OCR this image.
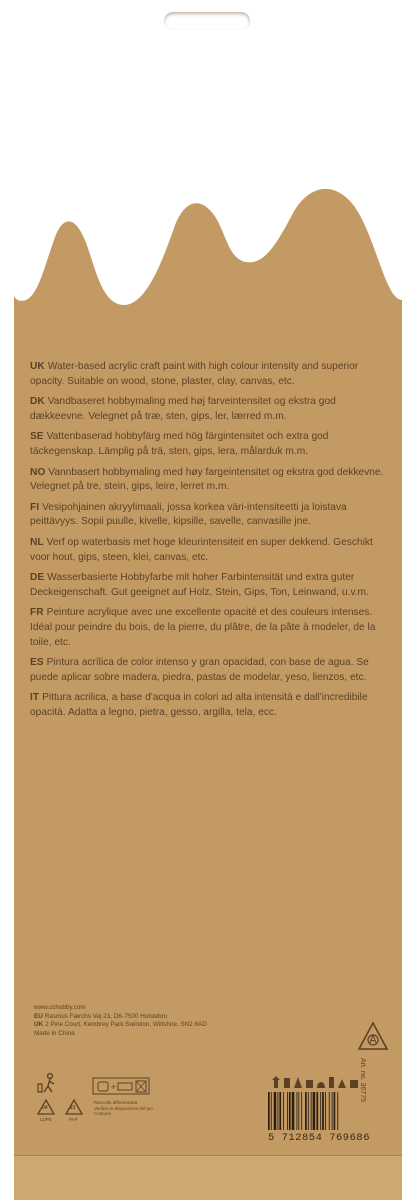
UK Water-based acrylic craft paint with high colour intensity and superior opacity. Suitable on wood, stone, plaster, clay, canvas, etc.

DK Vandbaseret hobbymaling med høj farveintensitet og ekstra god dækkeevne. Velegnet på træ, sten, gips, ler, lærred m.m.

SE Vattenbaserad hobbyfärg med hög färgintensitet och extra god täckegenskap. Lämplig på trä, sten, gips, lera, målarduk m.m.

NO Vannbasert hobbymaling med høy fargeintensitet og ekstra god dekkevne. Velegnet på tre, stein, gips, leire, lerret m.m.

FI Vesipohjainen akryylimaali, jossa korkea väri-intensiteetti ja loistava peittävyys. Sopii puulle, kivelle, kipsille, savelle, canvasille jne.

NL Verf op waterbasis met hoge kleurintensiteit en super dekkend. Geschikt voor hout, gips, steen, klei, canvas, etc.

DE Wasserbasierte Hobbyfarbe mit hoher Farbintensität und extra guter Deckeigenschaft. Gut geeignet auf Holz, Stein, Gips, Ton, Leinwand, u.v.m.

FR Peinture acrylique avec une excellente opacité et des couleurs intenses. Idéal pour peindre du bois, de la pierre, du plâtre, de la pâte à modeler, de la toile, etc.

ES Pintura acrílica de color intenso y gran opacidad, con base de agua. Se puede aplicar sobre madera, piedra, pastas de modelar, yeso, lienzos, etc.

IT Pittura acrilica, a base d'acqua in colori ad alta intensità e dall'incredibile opacità. Adatta a legno, pietra, gesso, argilla, tela, ecc.

www.cchobby.com
EU Rasmus Færchs Vej 23, DK-7500 Holstebro
UK 2 Pine Court, Kembrey Park Swindon, Wiltshire, SN2 8AD
Made in China
04
LDPE
21
PAP
+
Raccolta differenziata
Verifica le disposizioni del tuo Comune
Art. no. 36775
5 712854 769686
